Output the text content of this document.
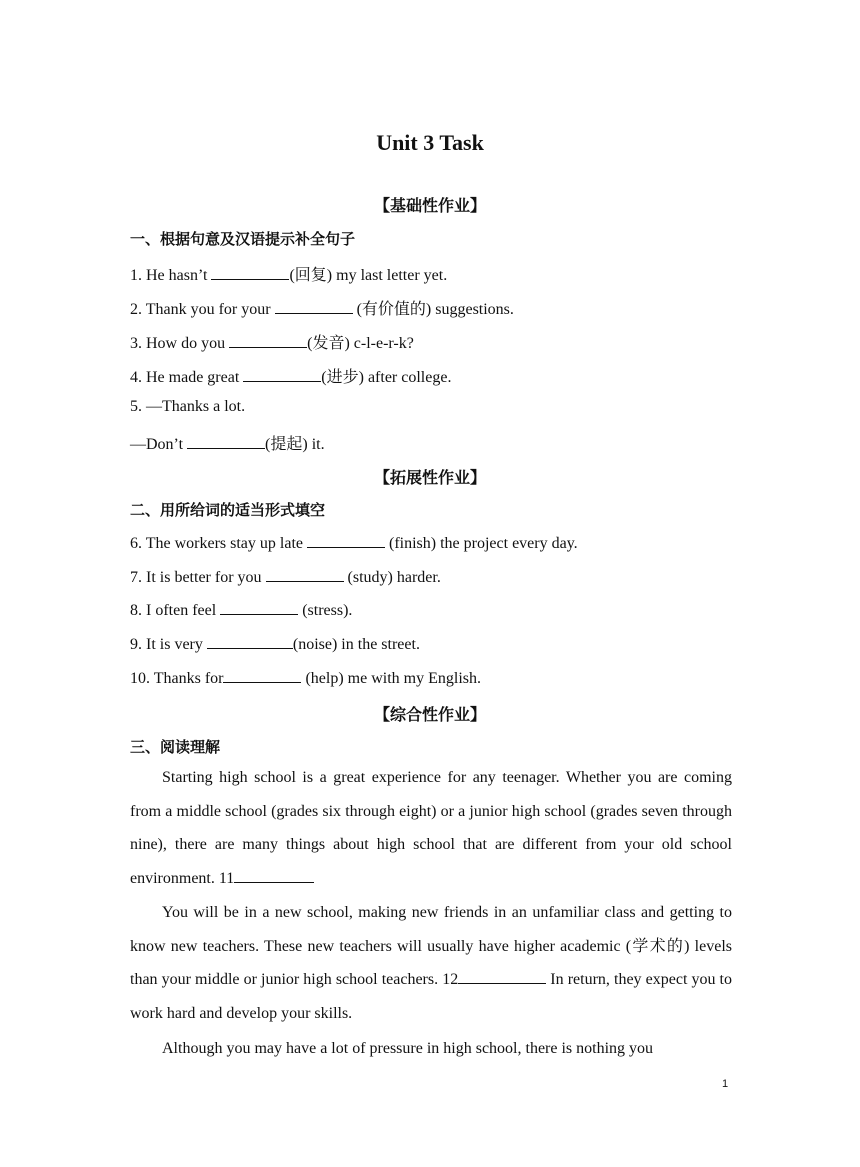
Unit 3 Task
【基础性作业】
一、根据句意及汉语提示补全句子
1. He hasn’t	(回复) my last letter yet.
2. Thank you for your	(有价值的) suggestions.
3. How do you	(发音) c-l-e-r-k?
4. He made great	(进步) after college.
5. —Thanks a lot.
—Don’t	(提起) it.
【拓展性作业】
二、用所给词的适当形式填空
6. The workers stay up late	(finish) the project every day.
7. It is better for you	(study) harder.
8. I often feel	(stress).
9. It is very	(noise) in the street.
10. Thanks for	(help) me with my English.
【综合性作业】
三、阅读理解
Starting high school is a great experience for any teenager. Whether you are coming from a middle school (grades six through eight) or a junior high school (grades seven through nine), there are many things about high school that are different from your old school environment. 11
You will be in a new school, making new friends in an unfamiliar class and getting to know new teachers. These new teachers will usually have higher academic (学术的) levels than your middle or junior high school teachers. 12	In return, they expect you to work hard and develop your skills.
Although you may have a lot of pressure in high school, there is nothing you
1
